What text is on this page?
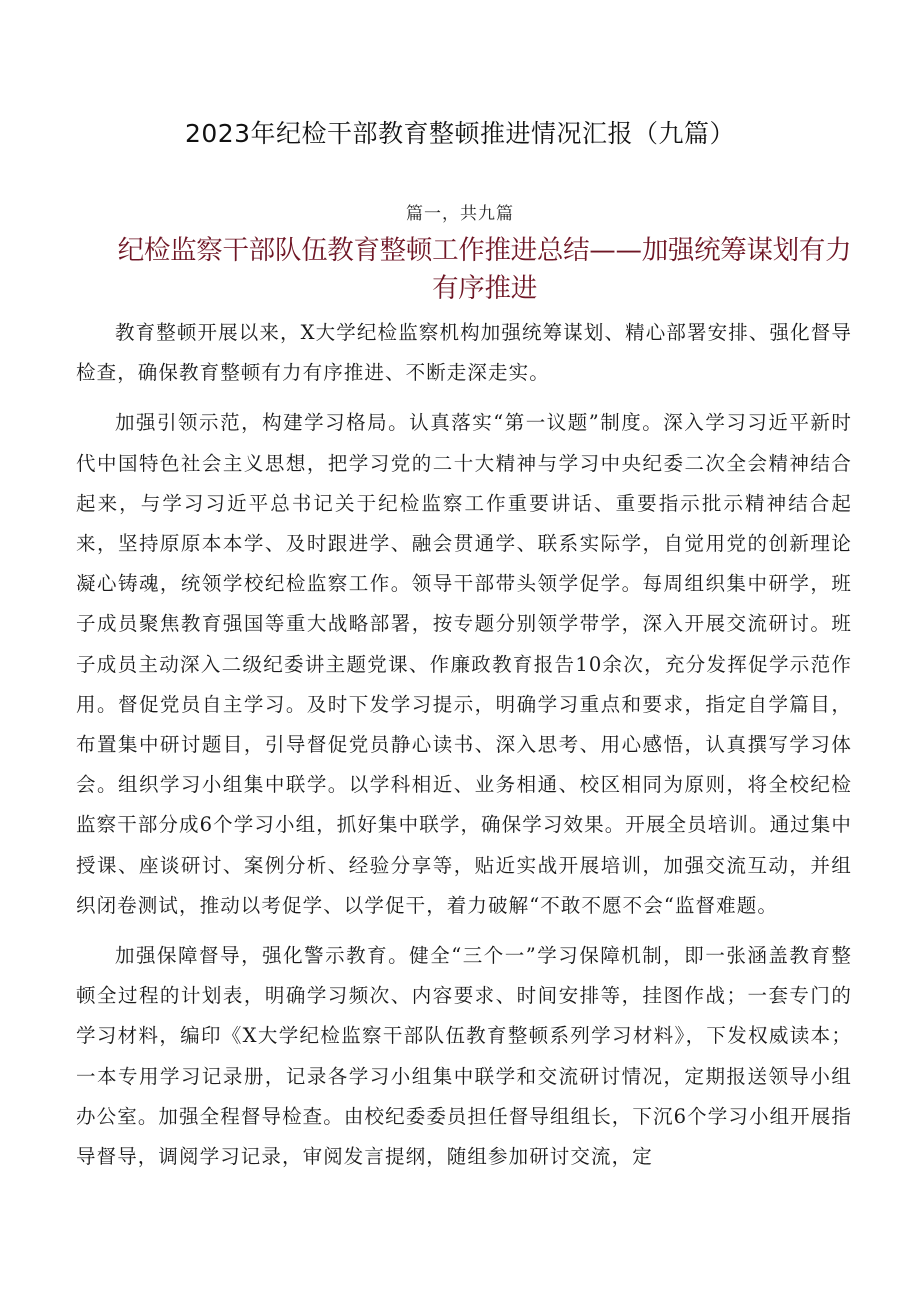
2023年纪检干部教育整顿推进情况汇报（九篇）
篇一，共九篇
纪检监察干部队伍教育整顿工作推进总结——加强统筹谋划有力有序推进

教育整顿开展以来，X大学纪检监察机构加强统筹谋划、精心部署安排、强化督导检查，确保教育整顿有力有序推进、不断走深走实。

加强引领示范，构建学习格局。认真落实“第一议题”制度。深入学习习近平新时代中国特色社会主义思想，把学习党的二十大精神与学习中央纪委二次全会精神结合起来，与学习习近平总书记关于纪检监察工作重要讲话、重要指示批示精神结合起来，坚持原原本本学、及时跟进学、融会贯通学、联系实际学，自觉用党的创新理论凝心铸魂，统领学校纪检监察工作。领导干部带头领学促学。每周组织集中研学，班子成员聚焦教育强国等重大战略部署，按专题分别领学带学，深入开展交流研讨。班子成员主动深入二级纪委讲主题党课、作廉政教育报告10余次，充分发挥促学示范作用。督促党员自主学习。及时下发学习提示，明确学习重点和要求，指定自学篇目，布置集中研讨题目，引导督促党员静心读书、深入思考、用心感悟，认真撰写学习体会。组织学习小组集中联学。以学科相近、业务相通、校区相同为原则，将全校纪检监察干部分成6个学习小组，抓好集中联学，确保学习效果。开展全员培训。通过集中授课、座谈研讨、案例分析、经验分享等，贴近实战开展培训，加强交流互动，并组织闭卷测试，推动以考促学、以学促干，着力破解“不敢不愿不会“监督难题。

加强保障督导，强化警示教育。健全“三个一”学习保障机制，即一张涵盖教育整顿全过程的计划表，明确学习频次、内容要求、时间安排等，挂图作战；一套专门的学习材料，编印《X大学纪检监察干部队伍教育整顿系列学习材料》，下发权威读本；一本专用学习记录册，记录各学习小组集中联学和交流研讨情况，定期报送领导小组办公室。加强全程督导检查。由校纪委委员担任督导组组长，下沉6个学习小组开展指导督导，调阅学习记录，审阅发言提纲，随组参加研讨交流，定
